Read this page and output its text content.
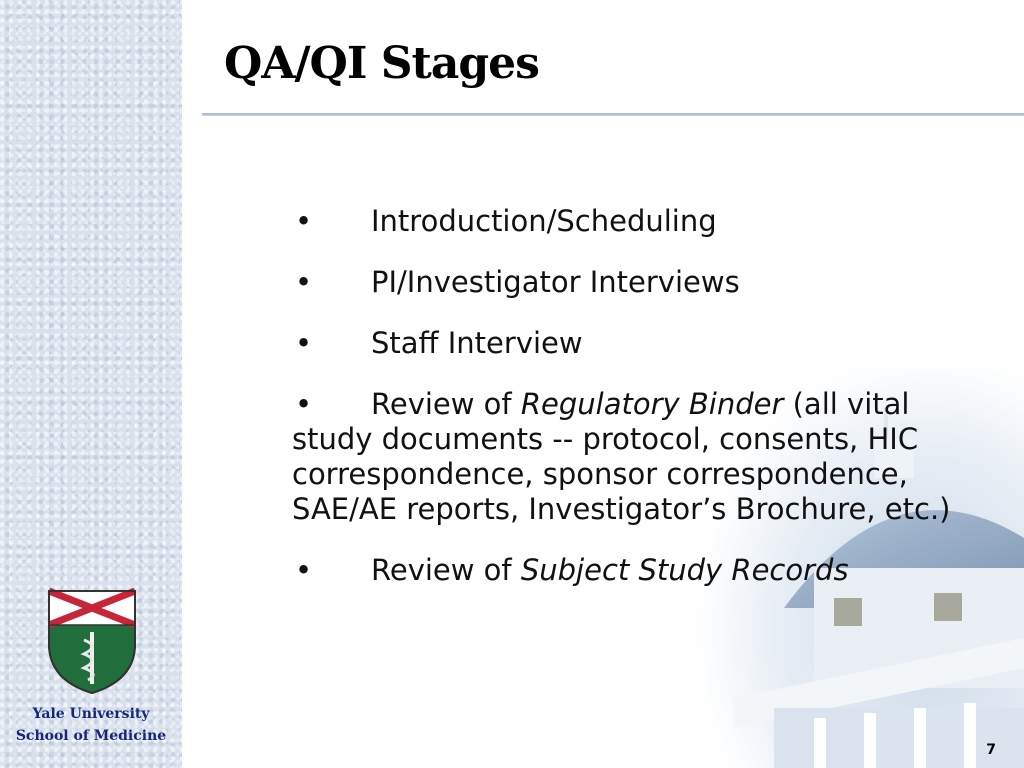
QA/QI Stages
• Introduction/Scheduling
• PI/Investigator Interviews
• Staff Interview
• Review of Regulatory Binder (all vital study documents -- protocol, consents, HIC correspondence, sponsor correspondence, SAE/AE reports, Investigator’s Brochure, etc.)
• Review of Subject Study Records
Yale University
School of Medicine
7
